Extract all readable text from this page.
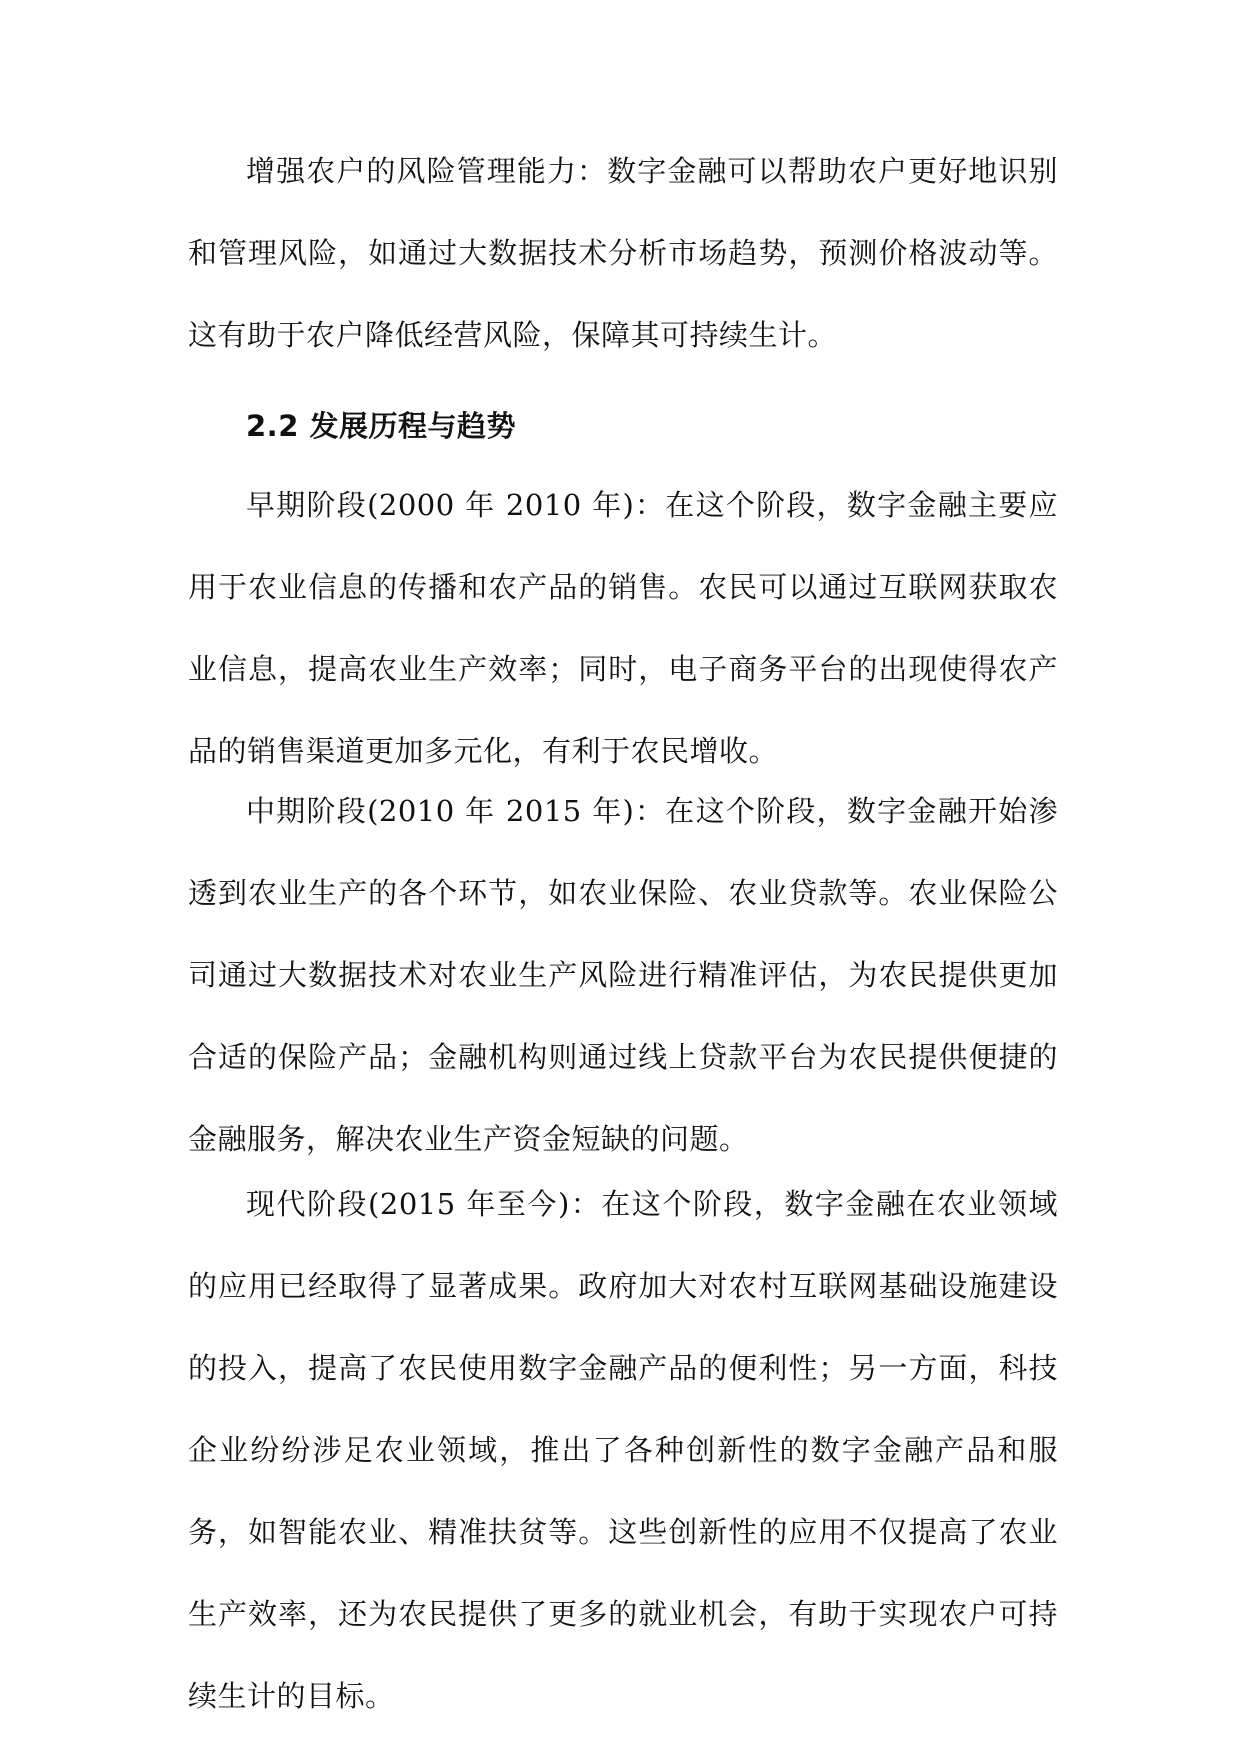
增强农户的风险管理能力：数字金融可以帮助农户更好地识别和管理风险，如通过大数据技术分析市场趋势，预测价格波动等。这有助于农户降低经营风险，保障其可持续生计。

2.2 发展历程与趋势

早期阶段(2000 年 2010 年)：在这个阶段，数字金融主要应用于农业信息的传播和农产品的销售。农民可以通过互联网获取农业信息，提高农业生产效率；同时，电子商务平台的出现使得农产品的销售渠道更加多元化，有利于农民增收。

中期阶段(2010 年 2015 年)：在这个阶段，数字金融开始渗透到农业生产的各个环节，如农业保险、农业贷款等。农业保险公司通过大数据技术对农业生产风险进行精准评估，为农民提供更加合适的保险产品；金融机构则通过线上贷款平台为农民提供便捷的金融服务，解决农业生产资金短缺的问题。

现代阶段(2015 年至今)：在这个阶段，数字金融在农业领域的应用已经取得了显著成果。政府加大对农村互联网基础设施建设的投入，提高了农民使用数字金融产品的便利性；另一方面，科技企业纷纷涉足农业领域，推出了各种创新性的数字金融产品和服务，如智能农业、精准扶贫等。这些创新性的应用不仅提高了农业生产效率，还为农民提供了更多的就业机会，有助于实现农户可持续生计的目标。
